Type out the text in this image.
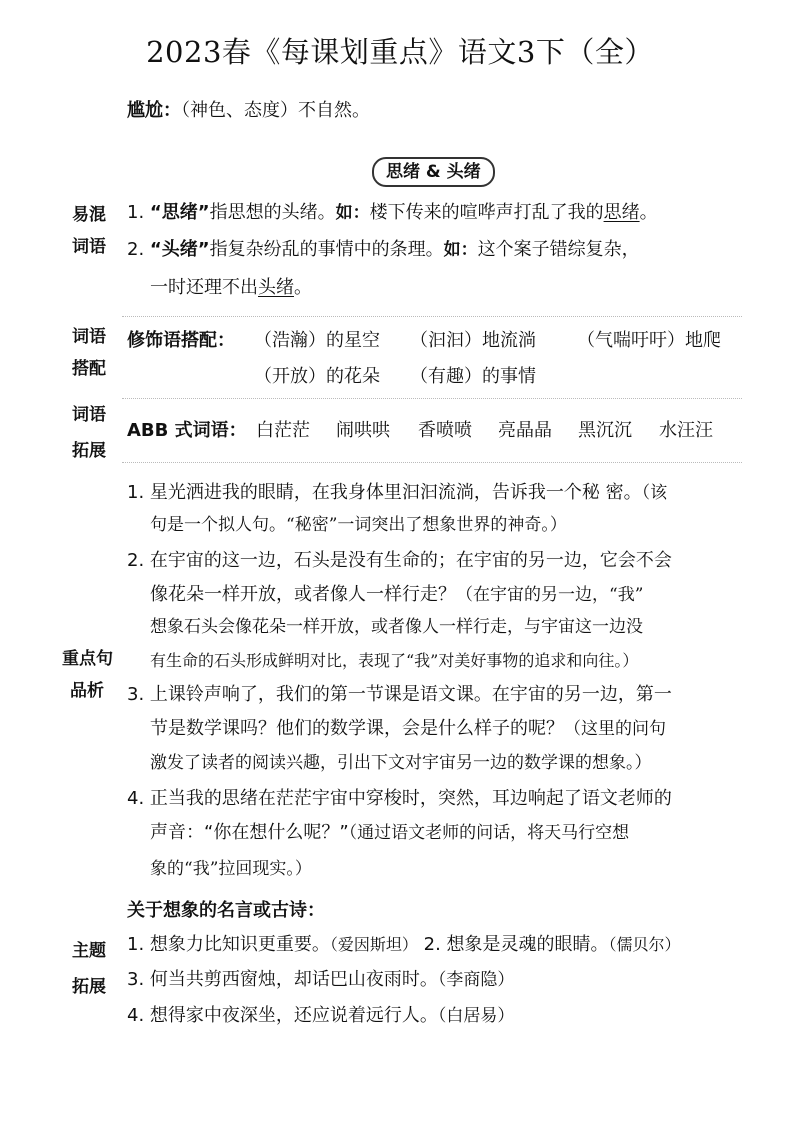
2023春《每课划重点》语文3下（全）
尴尬：（神色、态度）不自然。
思绪 & 头绪
易混
词语
1. “思绪”指思想的头绪。如：楼下传来的喧哗声打乱了我的思绪。
2. “头绪”指复杂纷乱的事情中的条理。如：这个案子错综复杂，
一时还理不出头绪。
词语
搭配
修饰语搭配： （浩瀚）的星空 （汩汩）地流淌 （气喘吁吁）地爬
（开放）的花朵 （有趣）的事情
词语
拓展
ABB 式词语： 白茫茫 闹哄哄 香喷喷 亮晶晶 黑沉沉 水汪汪
重点句
品析
1. 星光洒进我的眼睛，在我身体里汩汩流淌，告诉我一个秘 密。（该
句是一个拟人句。“秘密”一词突出了想象世界的神奇。）
2. 在宇宙的这一边，石头是没有生命的；在宇宙的另一边，它会不会
像花朵一样开放，或者像人一样行走？（在宇宙的另一边，“我”
想象石头会像花朵一样开放，或者像人一样行走，与宇宙这一边没
有生命的石头形成鲜明对比，表现了“我”对美好事物的追求和向往。）
3. 上课铃声响了，我们的第一节课是语文课。在宇宙的另一边，第一
节是数学课吗？他们的数学课，会是什么样子的呢？（这里的问句
激发了读者的阅读兴趣，引出下文对宇宙另一边的数学课的想象。）
4. 正当我的思绪在茫茫宇宙中穿梭时，突然，耳边响起了语文老师的
声音：“你在想什么呢？”（通过语文老师的问话，将天马行空想
象的“我”拉回现实。）
关于想象的名言或古诗：
主题
拓展
1. 想象力比知识更重要。（爱因斯坦） 2. 想象是灵魂的眼睛。（儒贝尔）
3. 何当共剪西窗烛，却话巴山夜雨时。（李商隐）
4. 想得家中夜深坐，还应说着远行人。（白居易）
